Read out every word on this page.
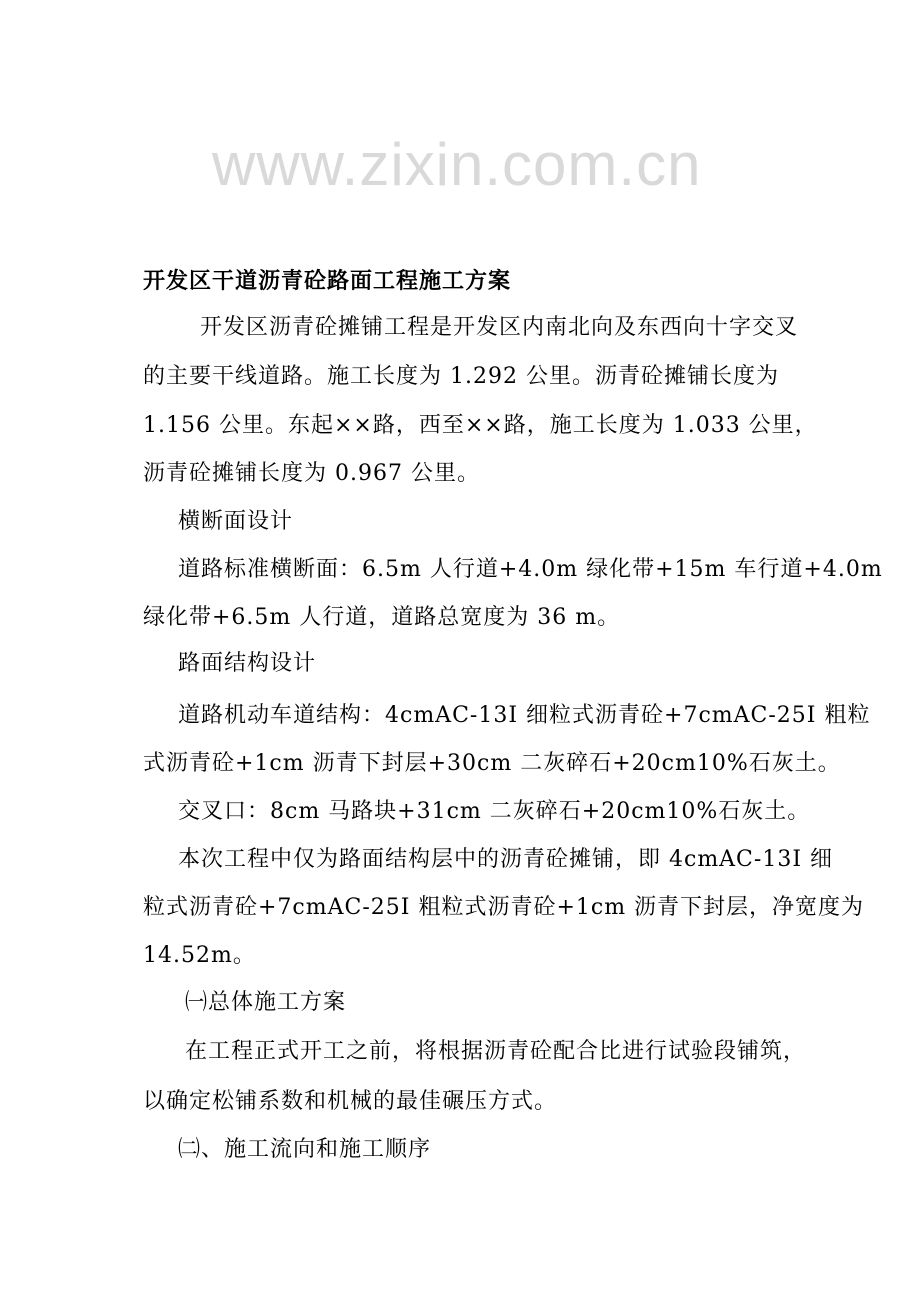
www.zixin.com.cn
开发区干道沥青砼路面工程施工方案
开发区沥青砼摊铺工程是开发区内南北向及东西向十字交叉
的主要干线道路。施工长度为 1.292 公里。沥青砼摊铺长度为
1.156 公里。东起××路，西至××路，施工长度为 1.033 公里，
沥青砼摊铺长度为 0.967 公里。
横断面设计
道路标准横断面：6.5m 人行道+4.0m 绿化带+15m 车行道+4.0m
绿化带+6.5m 人行道，道路总宽度为 36 m。
路面结构设计
道路机动车道结构：4cmAC-13I 细粒式沥青砼+7cmAC-25I 粗粒
式沥青砼+1cm 沥青下封层+30cm 二灰碎石+20cm10%石灰土。
交叉口：8cm 马路块+31cm 二灰碎石+20cm10%石灰土。
本次工程中仅为路面结构层中的沥青砼摊铺，即 4cmAC-13I 细
粒式沥青砼+7cmAC-25I 粗粒式沥青砼+1cm 沥青下封层，净宽度为
14.52m。
㈠总体施工方案
在工程正式开工之前，将根据沥青砼配合比进行试验段铺筑，
以确定松铺系数和机械的最佳碾压方式。
㈡、施工流向和施工顺序
